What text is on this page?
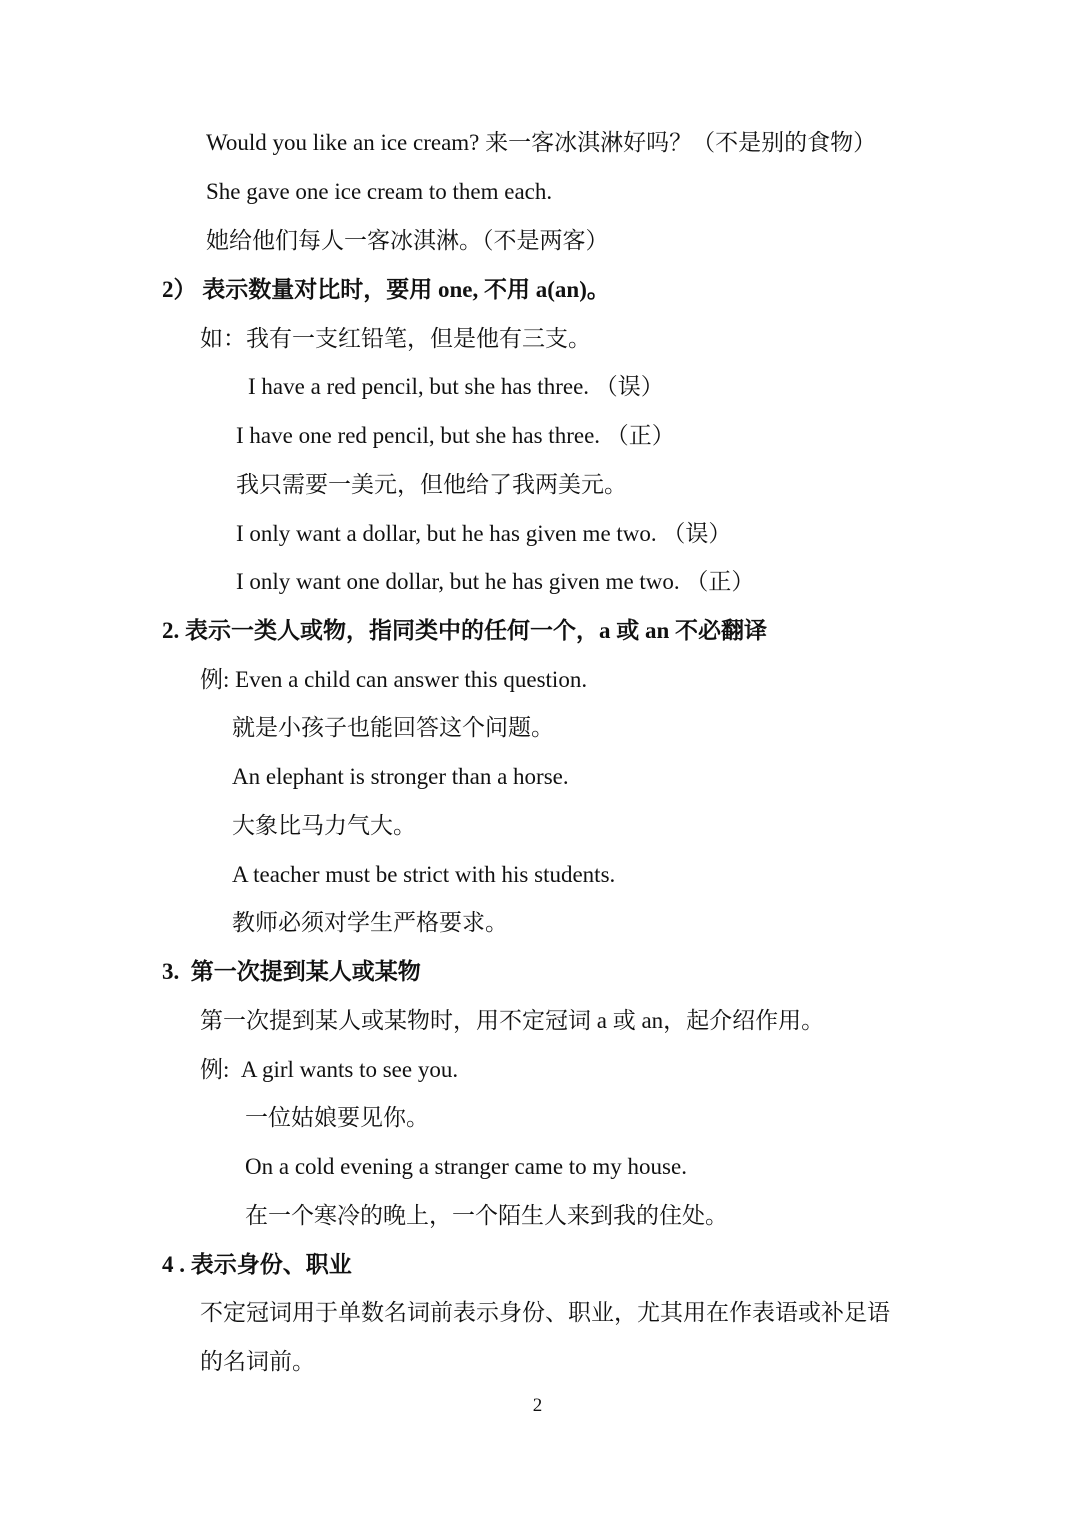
Would you like an ice cream? 来一客冰淇淋好吗？（不是别的食物）
She gave one ice cream to them each.
她给他们每人一客冰淇淋。（不是两客）
2） 表示数量对比时，要用 one, 不用 a(an)。
如：我有一支红铅笔，但是他有三支。
I have a red pencil, but she has three. （误）
I have one red pencil, but she has three. （正）
我只需要一美元，但他给了我两美元。
I only want a dollar, but he has given me two. （误）
I only want one dollar, but he has given me two. （正）
2. 表示一类人或物，指同类中的任何一个，a 或 an 不必翻译
例: Even a child can answer this question.
就是小孩子也能回答这个问题。
An elephant is stronger than a horse.
大象比马力气大。
A teacher must be strict with his students.
教师必须对学生严格要求。
3.  第一次提到某人或某物
第一次提到某人或某物时，用不定冠词 a 或 an，起介绍作用。
例:  A girl wants to see you.
一位姑娘要见你。
On a cold evening a stranger came to my house.
在一个寒冷的晚上，一个陌生人来到我的住处。
4 . 表示身份、职业
不定冠词用于单数名词前表示身份、职业，尤其用在作表语或补足语
的名词前。
2
